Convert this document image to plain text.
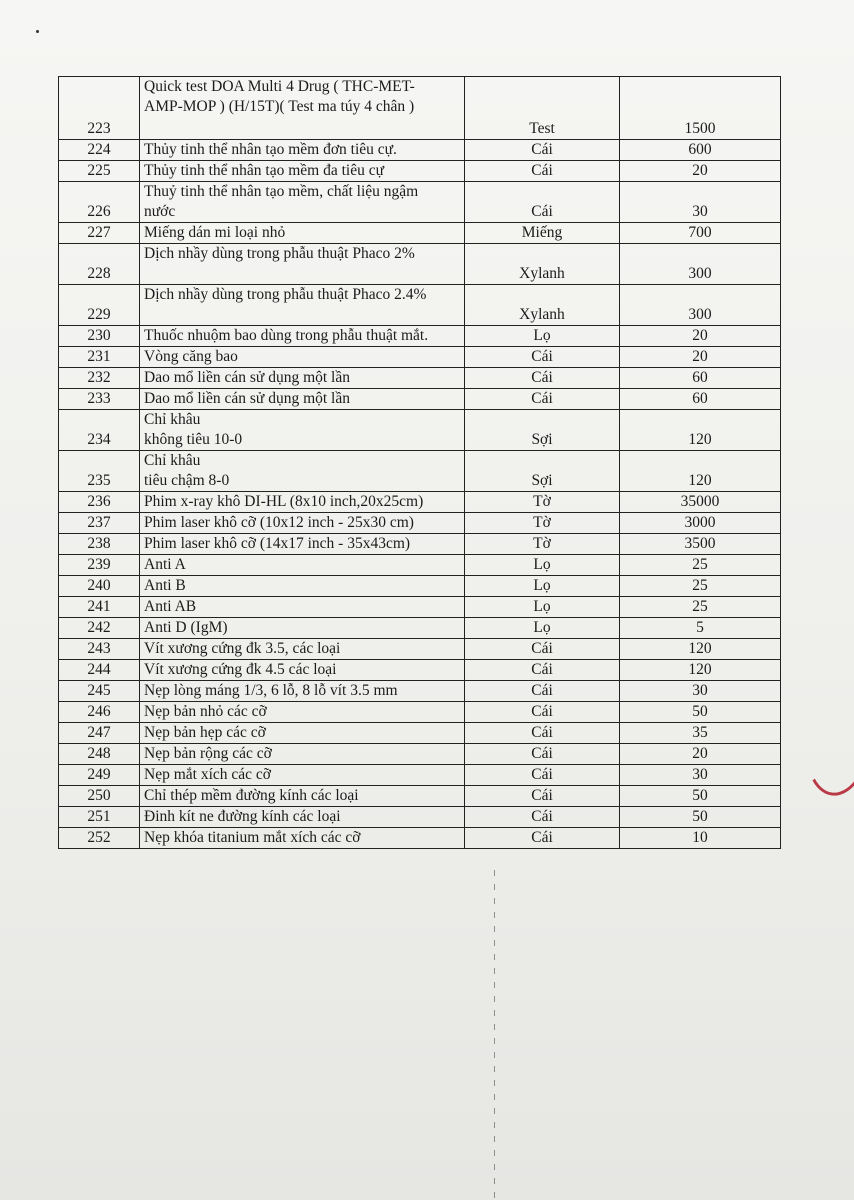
223	Quick test DOA Multi 4 Drug ( THC-MET-
AMP-MOP ) (H/15T)( Test ma túy 4 chân )	Test	1500
224	Thủy tinh thể nhân tạo mềm đơn tiêu cự.	Cái	600
225	Thủy tinh thể nhân tạo mềm đa tiêu cự	Cái	20
226	Thuỷ tinh thể nhân tạo mềm, chất liệu ngậm
nước	Cái	30
227	Miếng dán mi loại nhỏ	Miếng	700
228	Dịch nhầy dùng trong phẫu thuật Phaco 2%	Xylanh	300
229	Dịch nhầy dùng trong phẫu thuật Phaco 2.4%	Xylanh	300
230	Thuốc nhuộm bao dùng trong phẫu thuật mắt.	Lọ	20
231	Vòng căng bao	Cái	20
232	Dao mổ liền cán sử dụng một lần	Cái	60
233	Dao mổ liền cán sử dụng một lần	Cái	60
234	Chỉ khâu
không tiêu 10-0	Sợi	120
235	Chỉ khâu
tiêu chậm 8-0	Sợi	120
236	Phim x-ray khô DI-HL (8x10 inch,20x25cm)	Tờ	35000
237	Phim laser khô cỡ (10x12 inch - 25x30 cm)	Tờ	3000
238	Phim laser khô cỡ (14x17 inch - 35x43cm)	Tờ	3500
239	Anti A	Lọ	25
240	Anti B	Lọ	25
241	Anti AB	Lọ	25
242	Anti D (IgM)	Lọ	5
243	Vít xương cứng đk 3.5, các loại	Cái	120
244	Vít xương cứng đk 4.5 các loại	Cái	120
245	Nẹp lòng máng 1/3, 6 lỗ, 8 lỗ vít 3.5 mm	Cái	30
246	Nẹp bản nhỏ các cỡ	Cái	50
247	Nẹp bản hẹp các cỡ	Cái	35
248	Nẹp bản rộng các cỡ	Cái	20
249	Nẹp mắt xích các cỡ	Cái	30
250	Chỉ thép mềm đường kính các loại	Cái	50
251	Đinh kít ne đường kính các loại	Cái	50
252	Nẹp khóa titanium mắt xích các cỡ	Cái	10
